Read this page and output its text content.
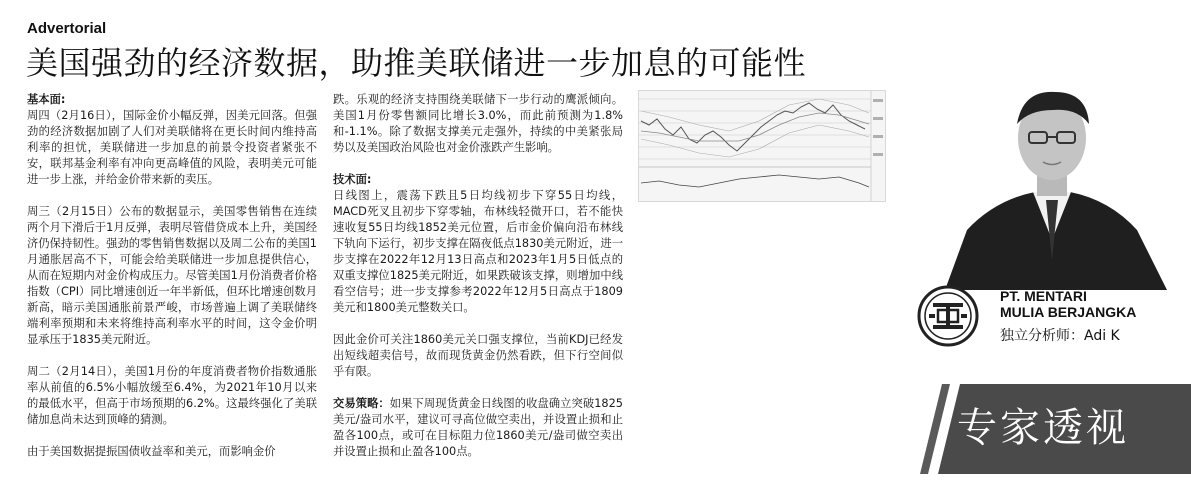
Advertorial
美国强劲的经济数据，助推美联储进一步加息的可能性

基本面:
周四（2月16日），国际金价小幅反弹，因美元回落。但强劲的经济数据加剧了人们对美联储将在更长时间内维持高利率的担忧，美联储进一步加息的前景令投资者紧张不安，联邦基金利率有冲向更高峰值的风险，表明美元可能进一步上涨，并给金价带来新的卖压。

周三（2月15日）公布的数据显示，美国零售销售在连续两个月下滑后于1月反弹，表明尽管借贷成本上升，美国经济仍保持韧性。强劲的零售销售数据以及周二公布的美国1月通胀居高不下，可能会给美联储进一步加息提供信心，从而在短期内对金价构成压力。尽管美国1月份消费者价格指数（CPI）同比增速创近一年半新低，但环比增速创数月新高，暗示美国通胀前景严峻，市场普遍上调了美联储终端利率预期和未来将维持高利率水平的时间，这令金价明显承压于1835美元附近。

周二（2月14日），美国1月份的年度消费者物价指数通胀率从前值的6.5%小幅放缓至6.4%，为2021年10月以来的最低水平，但高于市场预期的6.2%。这最终强化了美联储加息尚未达到顶峰的猜测。

由于美国数据提振国债收益率和美元，而影响金价

跌。乐观的经济支持围绕美联储下一步行动的鹰派倾向。美国1月份零售额同比增长3.0%，而此前预测为1.8%和-1.1%。除了数据支撑美元走强外，持续的中美紧张局势以及美国政治风险也对金价涨跌产生影响。

技术面:
日线图上，震荡下跌且5日均线初步下穿55日均线，MACD死叉且初步下穿零轴，布林线轻微开口，若不能快速收复55日均线1852美元位置，后市金价偏向沿布林线下轨向下运行，初步支撑在隔夜低点1830美元附近，进一步支撑在2022年12月13日高点和2023年1月5日低点的双重支撑位1825美元附近，如果跌破该支撑，则增加中线看空信号；进一步支撑参考2022年12月5日高点于1809美元和1800美元整数关口。

因此金价可关注1860美元关口强支撑位，当前KDJ已经发出短线超卖信号，故而现货黄金仍然看跌，但下行空间似乎有限。

交易策略：如果下周现货黄金日线图的收盘确立突破1825美元/盎司水平，建议可寻高位做空卖出，并设置止损和止盈各100点，或可在目标阻力位1860美元/盎司做空卖出并设置止损和止盈各100点。

PT. MENTARI
MULIA BERJANGKA
独立分析师：Adi K
专家透视
